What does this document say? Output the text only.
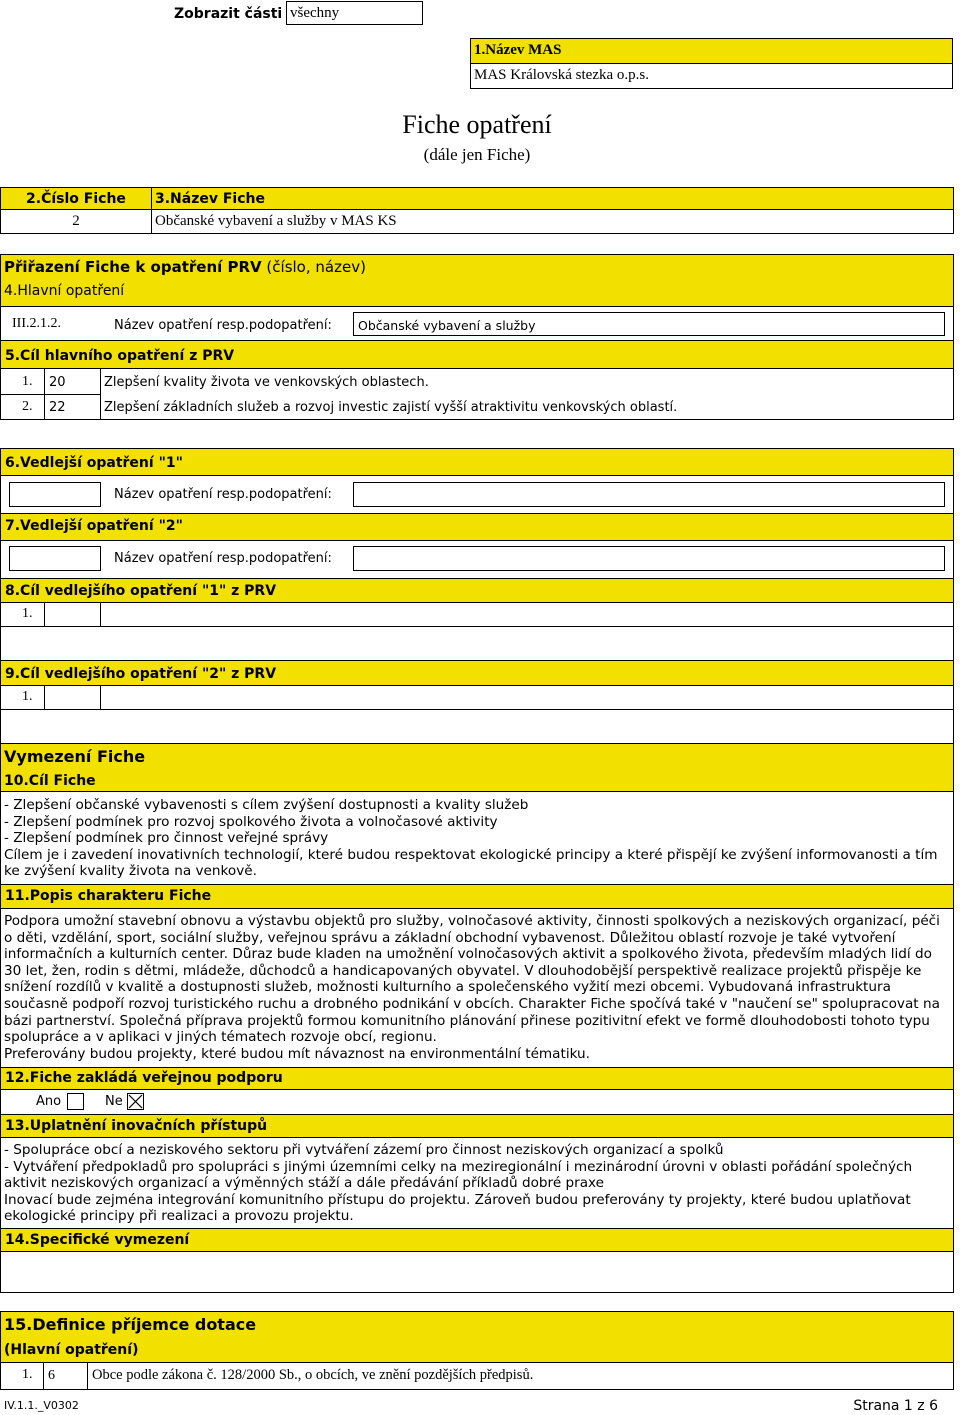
Zobrazit části všechny
1.Název MAS
MAS Královská stezka o.p.s.
Fiche opatření
(dále jen Fiche)
2.Číslo Fiche	3.Název Fiche
2	Občanské vybavení a služby v MAS KS
Přiřazení Fiche k opatření PRV (číslo, název)
4.Hlavní opatření
III.2.1.2.	Název opatření resp.podopatření: Občanské vybavení a služby
5.Cíl hlavního opatření z PRV
1. 20	Zlepšení kvality života ve venkovských oblastech.
2. 22	Zlepšení základních služeb a rozvoj investic zajistí vyšší atraktivitu venkovských oblastí.
6.Vedlejší opatření "1"
Název opatření resp.podopatření:
7.Vedlejší opatření "2"
Název opatření resp.podopatření:
8.Cíl vedlejšího opatření "1" z PRV
1.
9.Cíl vedlejšího opatření "2" z PRV
1.
Vymezení Fiche
10.Cíl Fiche
- Zlepšení občanské vybavenosti s cílem zvýšení dostupnosti a kvality služeb
- Zlepšení podmínek pro rozvoj spolkového života a volnočasové aktivity
- Zlepšení podmínek pro činnost veřejné správy
Cílem je i zavedení inovativních technologií, které budou respektovat ekologické principy a které přispějí ke zvýšení informovanosti a tím ke zvýšení kvality života na venkově.
11.Popis charakteru Fiche
Podpora umožní stavební obnovu a výstavbu objektů pro služby, volnočasové aktivity, činnosti spolkových a neziskových organizací, péči o děti, vzdělání, sport, sociální služby, veřejnou správu a základní obchodní vybavenost. Důležitou oblastí rozvoje je také vytvoření informačních a kulturních center. Důraz bude kladen na umožnění volnočasových aktivit a spolkového života, především mladých lidí do 30 let, žen, rodin s dětmi, mládeže, důchodců a handicapovaných obyvatel. V dlouhodobější perspektivě realizace projektů přispěje ke snížení rozdílů v kvalitě a dostupnosti služeb, možnosti kulturního a společenského vyžití mezi obcemi. Vybudovaná infrastruktura současně podpoří rozvoj turistického ruchu a drobného podnikání v obcích. Charakter Fiche spočívá také v "naučení se" spolupracovat na bázi partnerství. Společná příprava projektů formou komunitního plánování přinese pozitivitní efekt ve formě dlouhodobosti tohoto typu spolupráce a v aplikaci v jiných tématech rozvoje obcí, regionu.
Preferovány budou projekty, které budou mít návaznost na environmentální tématiku.
12.Fiche zakládá veřejnou podporu
Ano	Ne
13.Uplatnění inovačních přístupů
- Spolupráce obcí a neziskového sektoru při vytváření zázemí pro činnost neziskových organizací a spolků
- Vytváření předpokladů pro spolupráci s jinými územními celky na meziregionální i mezinárodní úrovni v oblasti pořádání společných aktivit neziskových organizací a výměnných stáží a dále předávání příkladů dobré praxe
Inovací bude zejména integrování komunitního přístupu do projektu. Zároveň budou preferovány ty projekty, které budou uplatňovat ekologické principy při realizaci a provozu projektu.
14.Specifické vymezení
15.Definice příjemce dotace
(Hlavní opatření)
1. 6	Obce podle zákona č. 128/2000 Sb., o obcích, ve znění pozdějších předpisů.
IV.1.1._V0302	Strana 1 z 6
